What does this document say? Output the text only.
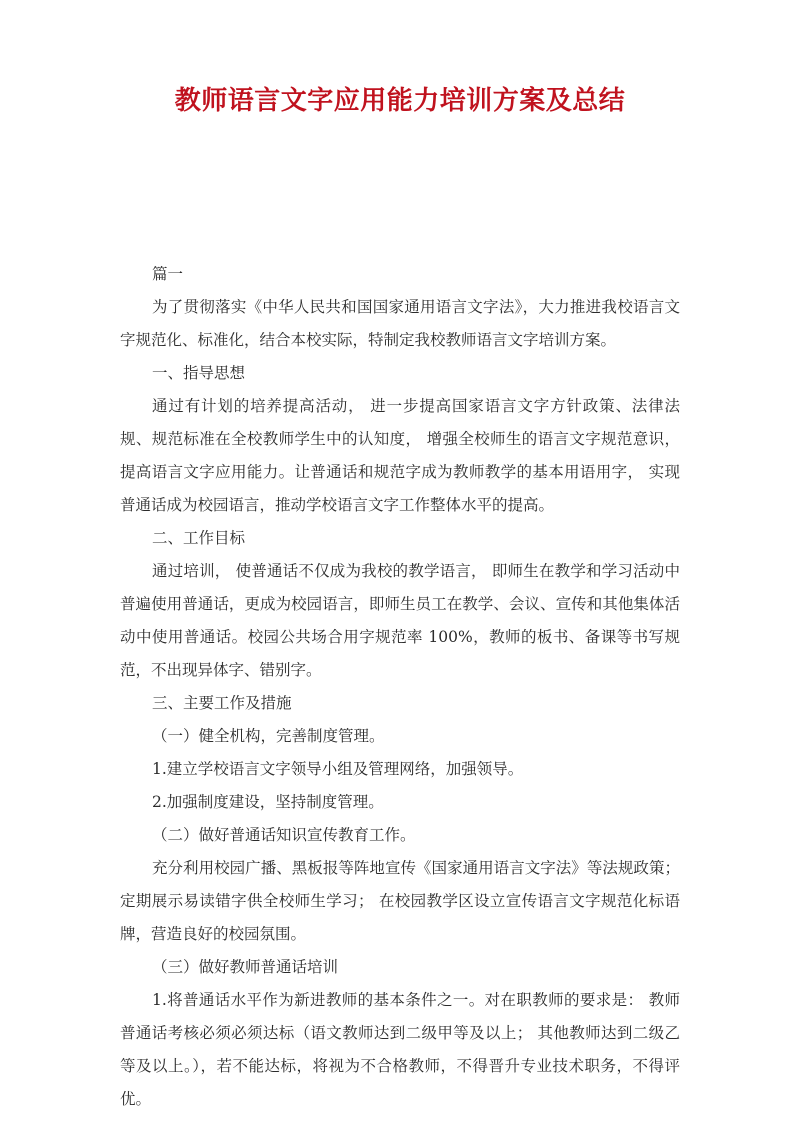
教师语言文字应用能力培训方案及总结

篇一

为了贯彻落实《中华人民共和国国家通用语言文字法》，大力推进我校语言文字规范化、标准化，结合本校实际，特制定我校教师语言文字培训方案。

一、指导思想

通过有计划的培养提高活动， 进一步提高国家语言文字方针政策、法律法规、规范标准在全校教师学生中的认知度， 增强全校师生的语言文字规范意识， 提高语言文字应用能力。让普通话和规范字成为教师教学的基本用语用字， 实现普通话成为校园语言，推动学校语言文字工作整体水平的提高。

二、工作目标

通过培训， 使普通话不仅成为我校的教学语言， 即师生在教学和学习活动中普遍使用普通话，更成为校园语言，即师生员工在教学、会议、宣传和其他集体活动中使用普通话。校园公共场合用字规范率 100%，教师的板书、备课等书写规范，不出现异体字、错别字。

三、主要工作及措施

（一）健全机构，完善制度管理。

1.建立学校语言文字领导小组及管理网络，加强领导。

2.加强制度建设，坚持制度管理。

（二）做好普通话知识宣传教育工作。

充分利用校园广播、黑板报等阵地宣传《国家通用语言文字法》等法规政策；定期展示易读错字供全校师生学习； 在校园教学区设立宣传语言文字规范化标语牌，营造良好的校园氛围。

（三）做好教师普通话培训

1.将普通话水平作为新进教师的基本条件之一。对在职教师的要求是： 教师普通话考核必须必须达标（语文教师达到二级甲等及以上； 其他教师达到二级乙等及以上。），若不能达标，将视为不合格教师，不得晋升专业技术职务，不得评优。
